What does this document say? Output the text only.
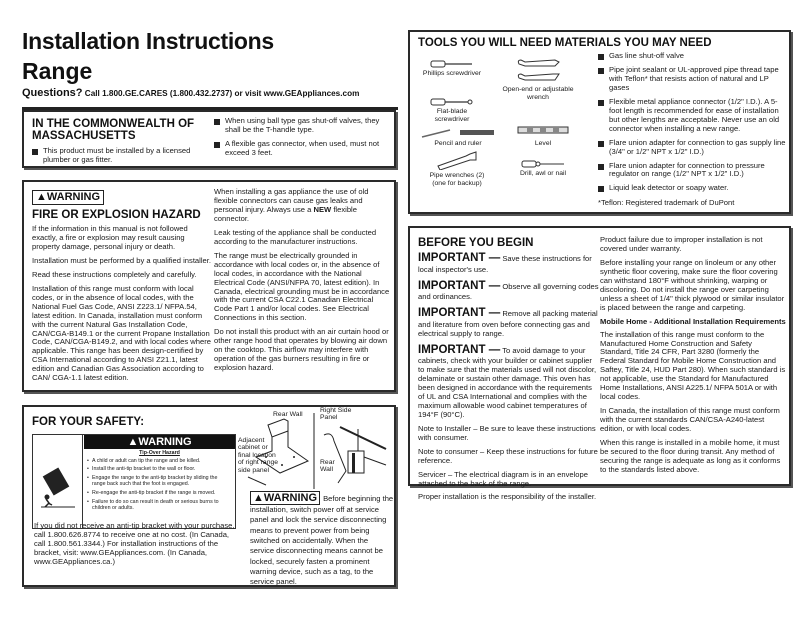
Installation Instructions
Range
Questions? Call 1.800.GE.CARES (1.800.432.2737) or visit www.GEAppliances.com
IN THE COMMONWEALTH OF MASSACHUSETTS
This product must be installed by a licensed plumber or gas fitter.
When using ball type gas shut-off valves, they shall be the T-handle type.
A flexible gas connector, when used, must not exceed 3 feet.
▲WARNING
FIRE OR EXPLOSION HAZARD

If the information in this manual is not followed exactly, a fire or explosion may result causing property damage, personal injury or death.

Installation must be performed by a qualified installer.

Read these instructions completely and carefully.

Installation of this range must conform with local codes, or in the absence of local codes, with the National Fuel Gas Code, ANSI Z223.1/ NFPA.54, latest edition. In Canada, installation must conform with the current Natural Gas Installation Code, CAN/CGA-B149.1 or the current Propane Installation Code, CAN/CGA-B149.2, and with local codes where applicable. This range has been design-certified by CSA International according to ANSI Z21.1, latest edition and Canadian Gas Association according to CAN/ CGA-1.1 latest edition.

When installing a gas appliance the use of old flexible connectors can cause gas leaks and personal injury. Always use a NEW flexible connector.

Leak testing of the appliance shall be conducted according to the manufacturer instructions.

The range must be electrically grounded in accordance with local codes or, in the absence of local codes, in accordance with the National Electrical Code (ANSI/NFPA 70, latest edition). In Canada, electrical grounding must be in accordance with the current CSA C22.1 Canadian Electrical Code Part 1 and/or local codes. See Electrical Connections in this section.

Do not install this product with an air curtain hood or other range hood that operates by blowing air down on the cooktop. This airflow may interfere with operation of the gas burners resulting in fire or explosion hazard.

FOR YOUR SAFETY:
▲WARNING
Tip-Over Hazard
• A child or adult can tip the range and be killed.
• Install the anti-tip bracket to the wall or floor.
• Engage the range to the anti-tip bracket by sliding the range back such that the foot is engaged.
• Re-engage the anti-tip bracket if the range is moved.
• Failure to do so can result in death or serious burns to children or adults.
If you did not receive an anti-tip bracket with your purchase, call 1.800.626.8774 to receive one at no cost. (In Canada, call 1.800.561.3344.) For installation instructions of the bracket, visit: www.GEAppliances.com. (In Canada, www.GEAppliances.ca.)
Rear Wall
Adjacent cabinet or final location of right range side panel
Right Side Panel
Rear Wall
▲WARNING Before beginning the installation, switch power off at service panel and lock the service disconnecting means to prevent power from being switched on accidentally. When the service disconnecting means cannot be locked, securely fasten a prominent warning device, such as a tag, to the service panel.
TOOLS YOU WILL NEED MATERIALS YOU MAY NEED
Phillips screwdriver
Open-end or adjustable wrench
Flat-blade screwdriver
Pencil and ruler	Level
Pipe wrenches (2) (one for backup)
Drill, awl or nail
Gas line shut-off valve
Pipe joint sealant or UL-approved pipe thread tape with Teflon* that resists action of natural and LP gases
Flexible metal appliance connector (1/2" I.D.). A 5-foot length is recommended for ease of installation but other lengths are acceptable. Never use an old connector when installing a new range.
Flare union adapter for connection to gas supply line (3/4" or 1/2" NPT x 1/2" I.D.)
Flare union adapter for connection to pressure regulator on range (1/2" NPT x 1/2" I.D.)
Liquid leak detector or soapy water.
*Teflon: Registered trademark of DuPont
BEFORE YOU BEGIN

IMPORTANT — Save these instructions for local inspector's use.

IMPORTANT — Observe all governing codes and ordinances.

IMPORTANT — Remove all packing material and literature from oven before connecting gas and electrical supply to range.

IMPORTANT — To avoid damage to your cabinets, check with your builder or cabinet supplier to make sure that the materials used will not discolor, delaminate or sustain other damage. This oven has been designed in accordance with the requirements of UL and CSA International and complies with the maximum allowable wood cabinet temperatures of 194°F (90°C).

Note to Installer – Be sure to leave these instructions with consumer.

Note to consumer – Keep these instructions for future reference.

Servicer – The electrical diagram is in an envelope attached to the back of the range.

Proper installation is the responsibility of the installer.

Product failure due to improper installation is not covered under warranty.

Before installing your range on linoleum or any other synthetic floor covering, make sure the floor covering can withstand 180°F without shrinking, warping or discoloring. Do not install the range over carpeting unless a sheet of 1/4" thick plywood or similar insulator is placed between the range and carpeting.

Mobile Home - Additional Installation Requirements

The installation of this range must conform to the Manufactured Home Construction and Safety Standard, Title 24 CFR, Part 3280 (formerly the Federal Standard for Mobile Home Construction and Saftey, Title 24, HUD Part 280). When such standard is not applicable, use the Standard for Manufactured Home Installations, ANSI A225.1/ NFPA 501A or with local codes.

In Canada, the installation of this range must conform with the current standards CAN/CSA-A240-latest edition, or with local codes.

When this range is installed in a mobile home, it must be secured to the floor during transit. Any method of securing the range is adequate as long as it conforms to the standards listed above.
